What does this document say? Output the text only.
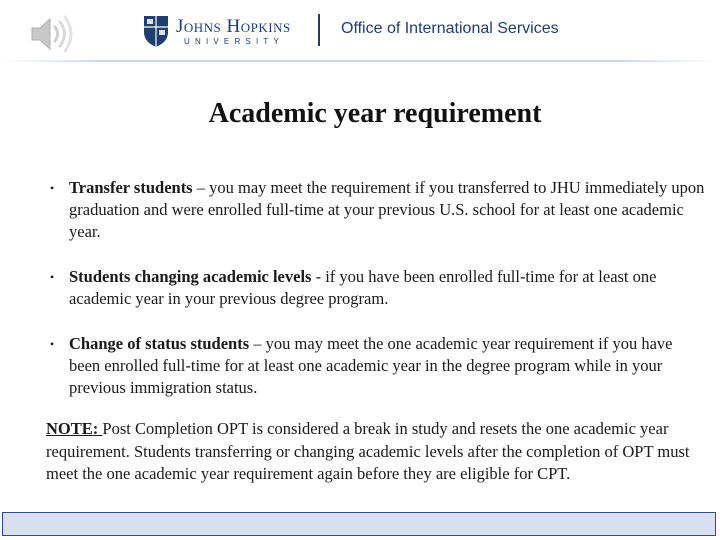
Johns Hopkins
UNIVERSITY
Office of International Services
Academic year requirement
• Transfer students – you may meet the requirement if you transferred to JHU immediately upon graduation and were enrolled full-time at your previous U.S. school for at least one academic year.
• Students changing academic levels - if you have been enrolled full-time for at least one academic year in your previous degree program.
• Change of status students – you may meet the one academic year requirement if you have been enrolled full-time for at least one academic year in the degree program while in your previous immigration status.
NOTE: Post Completion OPT is considered a break in study and resets the one academic year requirement. Students transferring or changing academic levels after the completion of OPT must meet the one academic year requirement again before they are eligible for CPT.
